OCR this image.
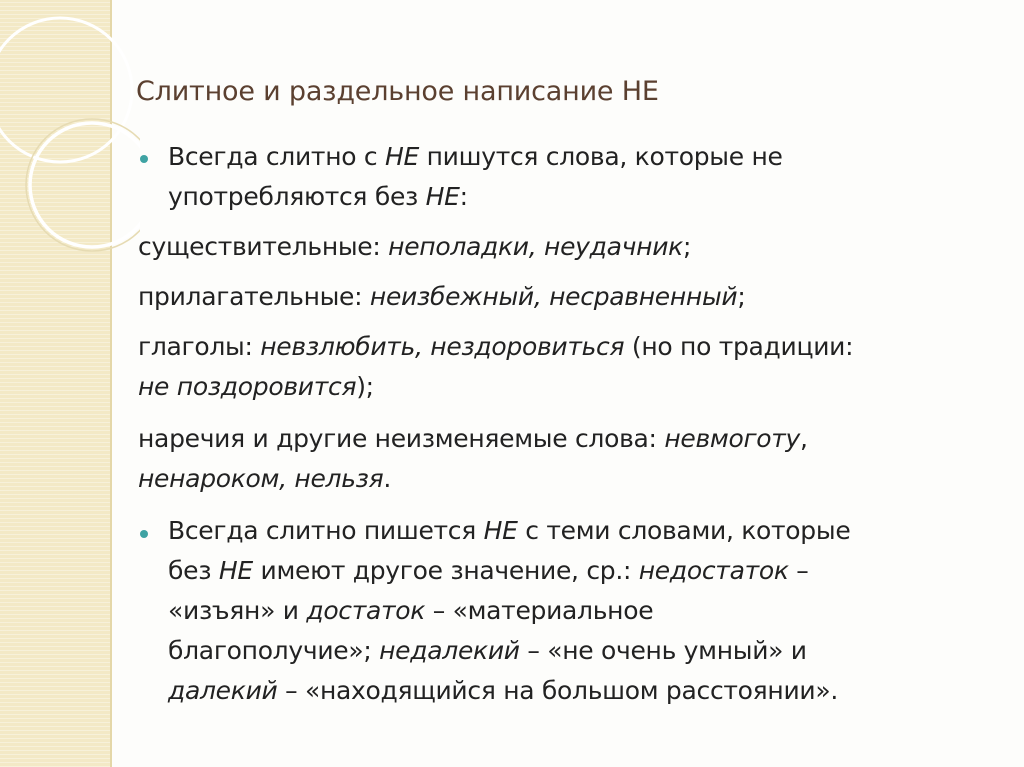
Слитное и раздельное написание НЕ
Всегда слитно с НЕ пишутся слова, которые не
употребляются без НЕ:
существительные: неполадки, неудачник;
прилагательные: неизбежный, несравненный;
глаголы: невзлюбить, нездоровиться (но по традиции:
не поздоровится);
наречия и другие неизменяемые слова: невмоготу,
ненароком, нельзя.
Всегда слитно пишется НЕ с теми словами, которые
без НЕ имеют другое значение, ср.: недостаток –
«изъян» и достаток – «материальное
благополучие»; недалекий – «не очень умный» и
далекий – «находящийся на большом расстоянии».
